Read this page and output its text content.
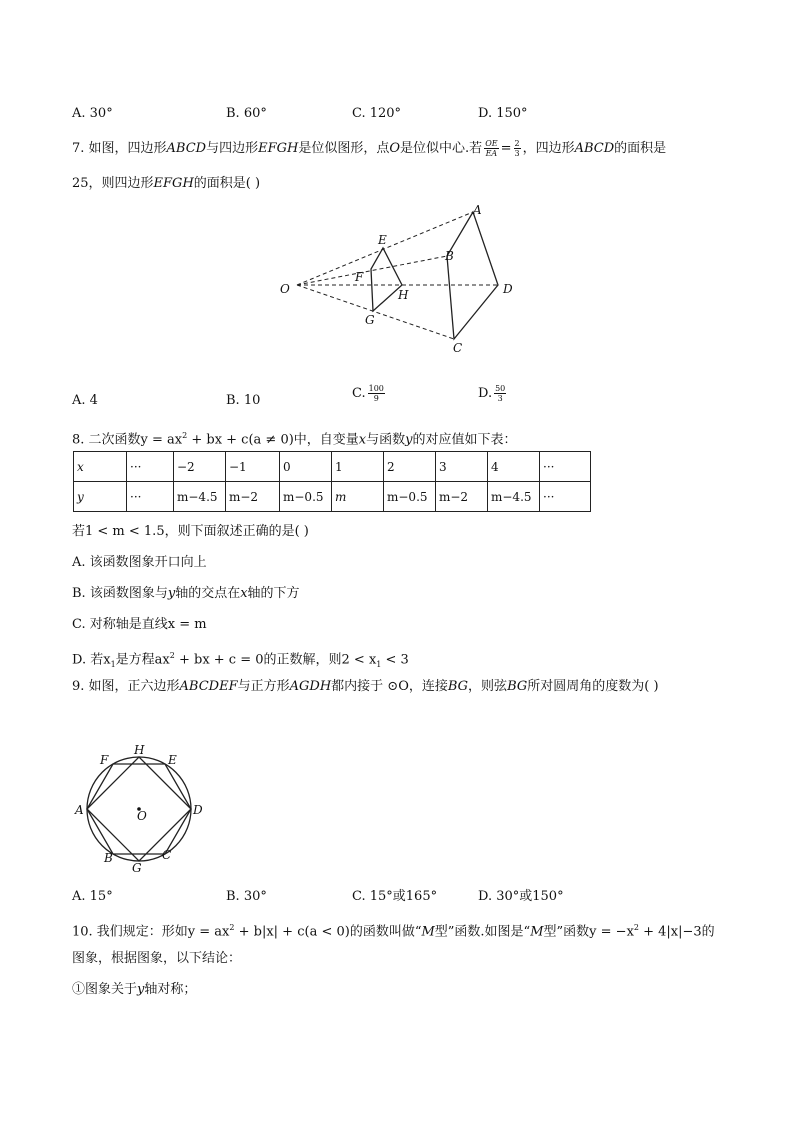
A. 30°	B. 60°	C. 120°	D. 150°
7. 如图，四边形ABCD与四边形EFGH是位似图形，点O是位似中心.若 $\frac{OE}{EA} = \frac{2}{3}$ ，四边形ABCD的面积是
25，则四边形EFGH的面积是( )
O
A
B
D
C
E
F
H
G
A. 4	B. 10	C. $\frac{100}{9}$	D. $\frac{50}{3}$
8. 二次函数$y = ax^2$ + bx + c(a ≠ 0)中，自变量x与函数y的对应值如下表：
x	···	−2	−1	0	1	2	3	4	···
y	···	m−4.5	m−2	m−0.5	m	m−0.5	m−2	m−4.5	···
若1 < m < 1.5，则下面叙述正确的是( )
A. 该函数图象开口向上
B. 该函数图象与y轴的交点在x轴的下方
C. 对称轴是直线x = m
D. 若$x_1$是方程$ax^2$ + bx + c = 0的正数解，则$2 < x_1 < 3$
9. 如图，正六边形ABCDEF与正方形AGDH都内接于 ⊙O，连接BG，则弦BG所对圆周角的度数为( )
H
F	E
A	D
O
B	C
G
A. 15°	B. 30°	C. 15°或165°	D. 30°或150°
10. 我们规定：形如$y = ax^2 + b|x| + c(a < 0)$的函数叫做“M型”函数.如图是“M型”函数$y = -x^2 + 4|x|-3$的
图象，根据图象，以下结论：
①图象关于y轴对称；
